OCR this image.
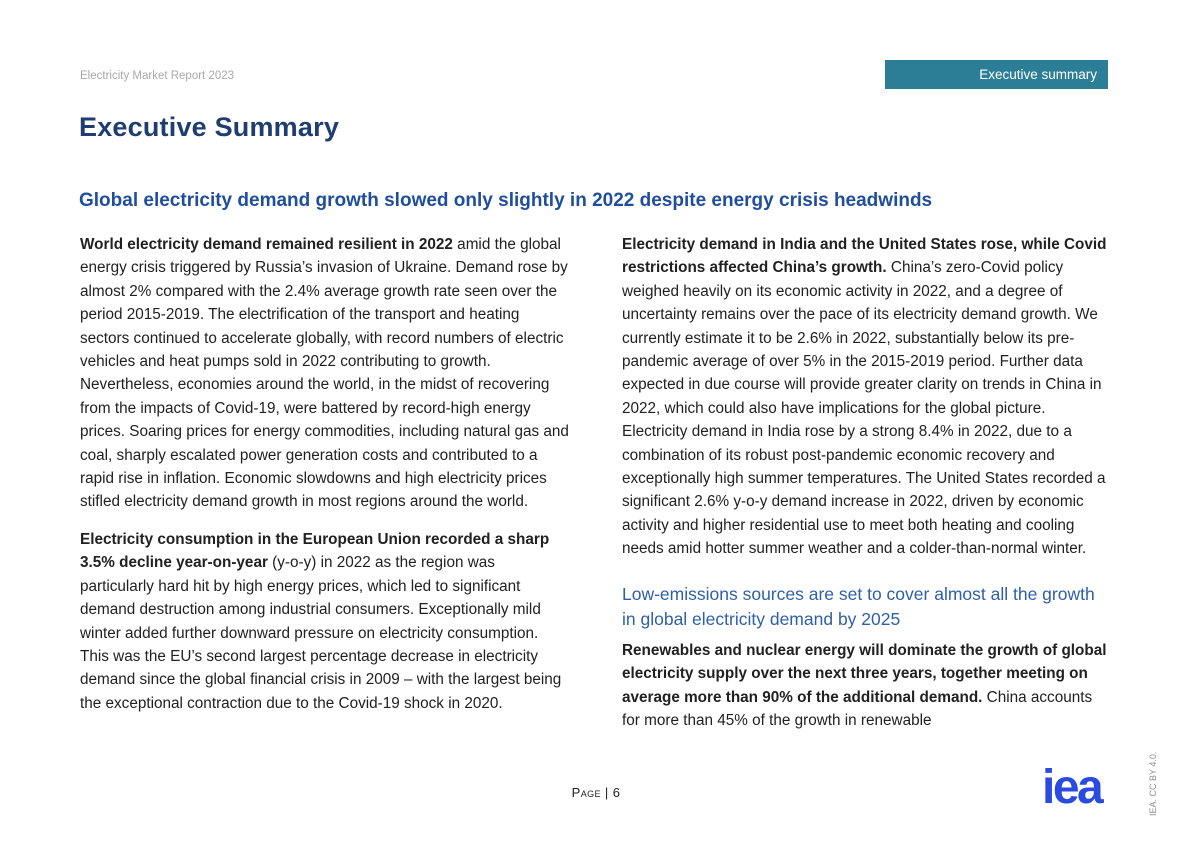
Electricity Market Report 2023	Executive summary
Executive Summary
Global electricity demand growth slowed only slightly in 2022 despite energy crisis headwinds

World electricity demand remained resilient in 2022 amid the global energy crisis triggered by Russia’s invasion of Ukraine. Demand rose by almost 2% compared with the 2.4% average growth rate seen over the period 2015-2019. The electrification of the transport and heating sectors continued to accelerate globally, with record numbers of electric vehicles and heat pumps sold in 2022 contributing to growth. Nevertheless, economies around the world, in the midst of recovering from the impacts of Covid-19, were battered by record-high energy prices. Soaring prices for energy commodities, including natural gas and coal, sharply escalated power generation costs and contributed to a rapid rise in inflation. Economic slowdowns and high electricity prices stifled electricity demand growth in most regions around the world.

Electricity consumption in the European Union recorded a sharp 3.5% decline year-on-year (y-o-y) in 2022 as the region was particularly hard hit by high energy prices, which led to significant demand destruction among industrial consumers. Exceptionally mild winter added further downward pressure on electricity consumption. This was the EU’s second largest percentage decrease in electricity demand since the global financial crisis in 2009 – with the largest being the exceptional contraction due to the Covid-19 shock in 2020.

Electricity demand in India and the United States rose, while Covid restrictions affected China’s growth. China’s zero-Covid policy weighed heavily on its economic activity in 2022, and a degree of uncertainty remains over the pace of its electricity demand growth. We currently estimate it to be 2.6% in 2022, substantially below its pre-pandemic average of over 5% in the 2015-2019 period. Further data expected in due course will provide greater clarity on trends in China in 2022, which could also have implications for the global picture. Electricity demand in India rose by a strong 8.4% in 2022, due to a combination of its robust post-pandemic economic recovery and exceptionally high summer temperatures. The United States recorded a significant 2.6% y-o-y demand increase in 2022, driven by economic activity and higher residential use to meet both heating and cooling needs amid hotter summer weather and a colder-than-normal winter.

Low-emissions sources are set to cover almost all the growth in global electricity demand by 2025

Renewables and nuclear energy will dominate the growth of global electricity supply over the next three years, together meeting on average more than 90% of the additional demand. China accounts for more than 45% of the growth in renewable

Page | 6	iea	IEA. CC BY 4.0.
